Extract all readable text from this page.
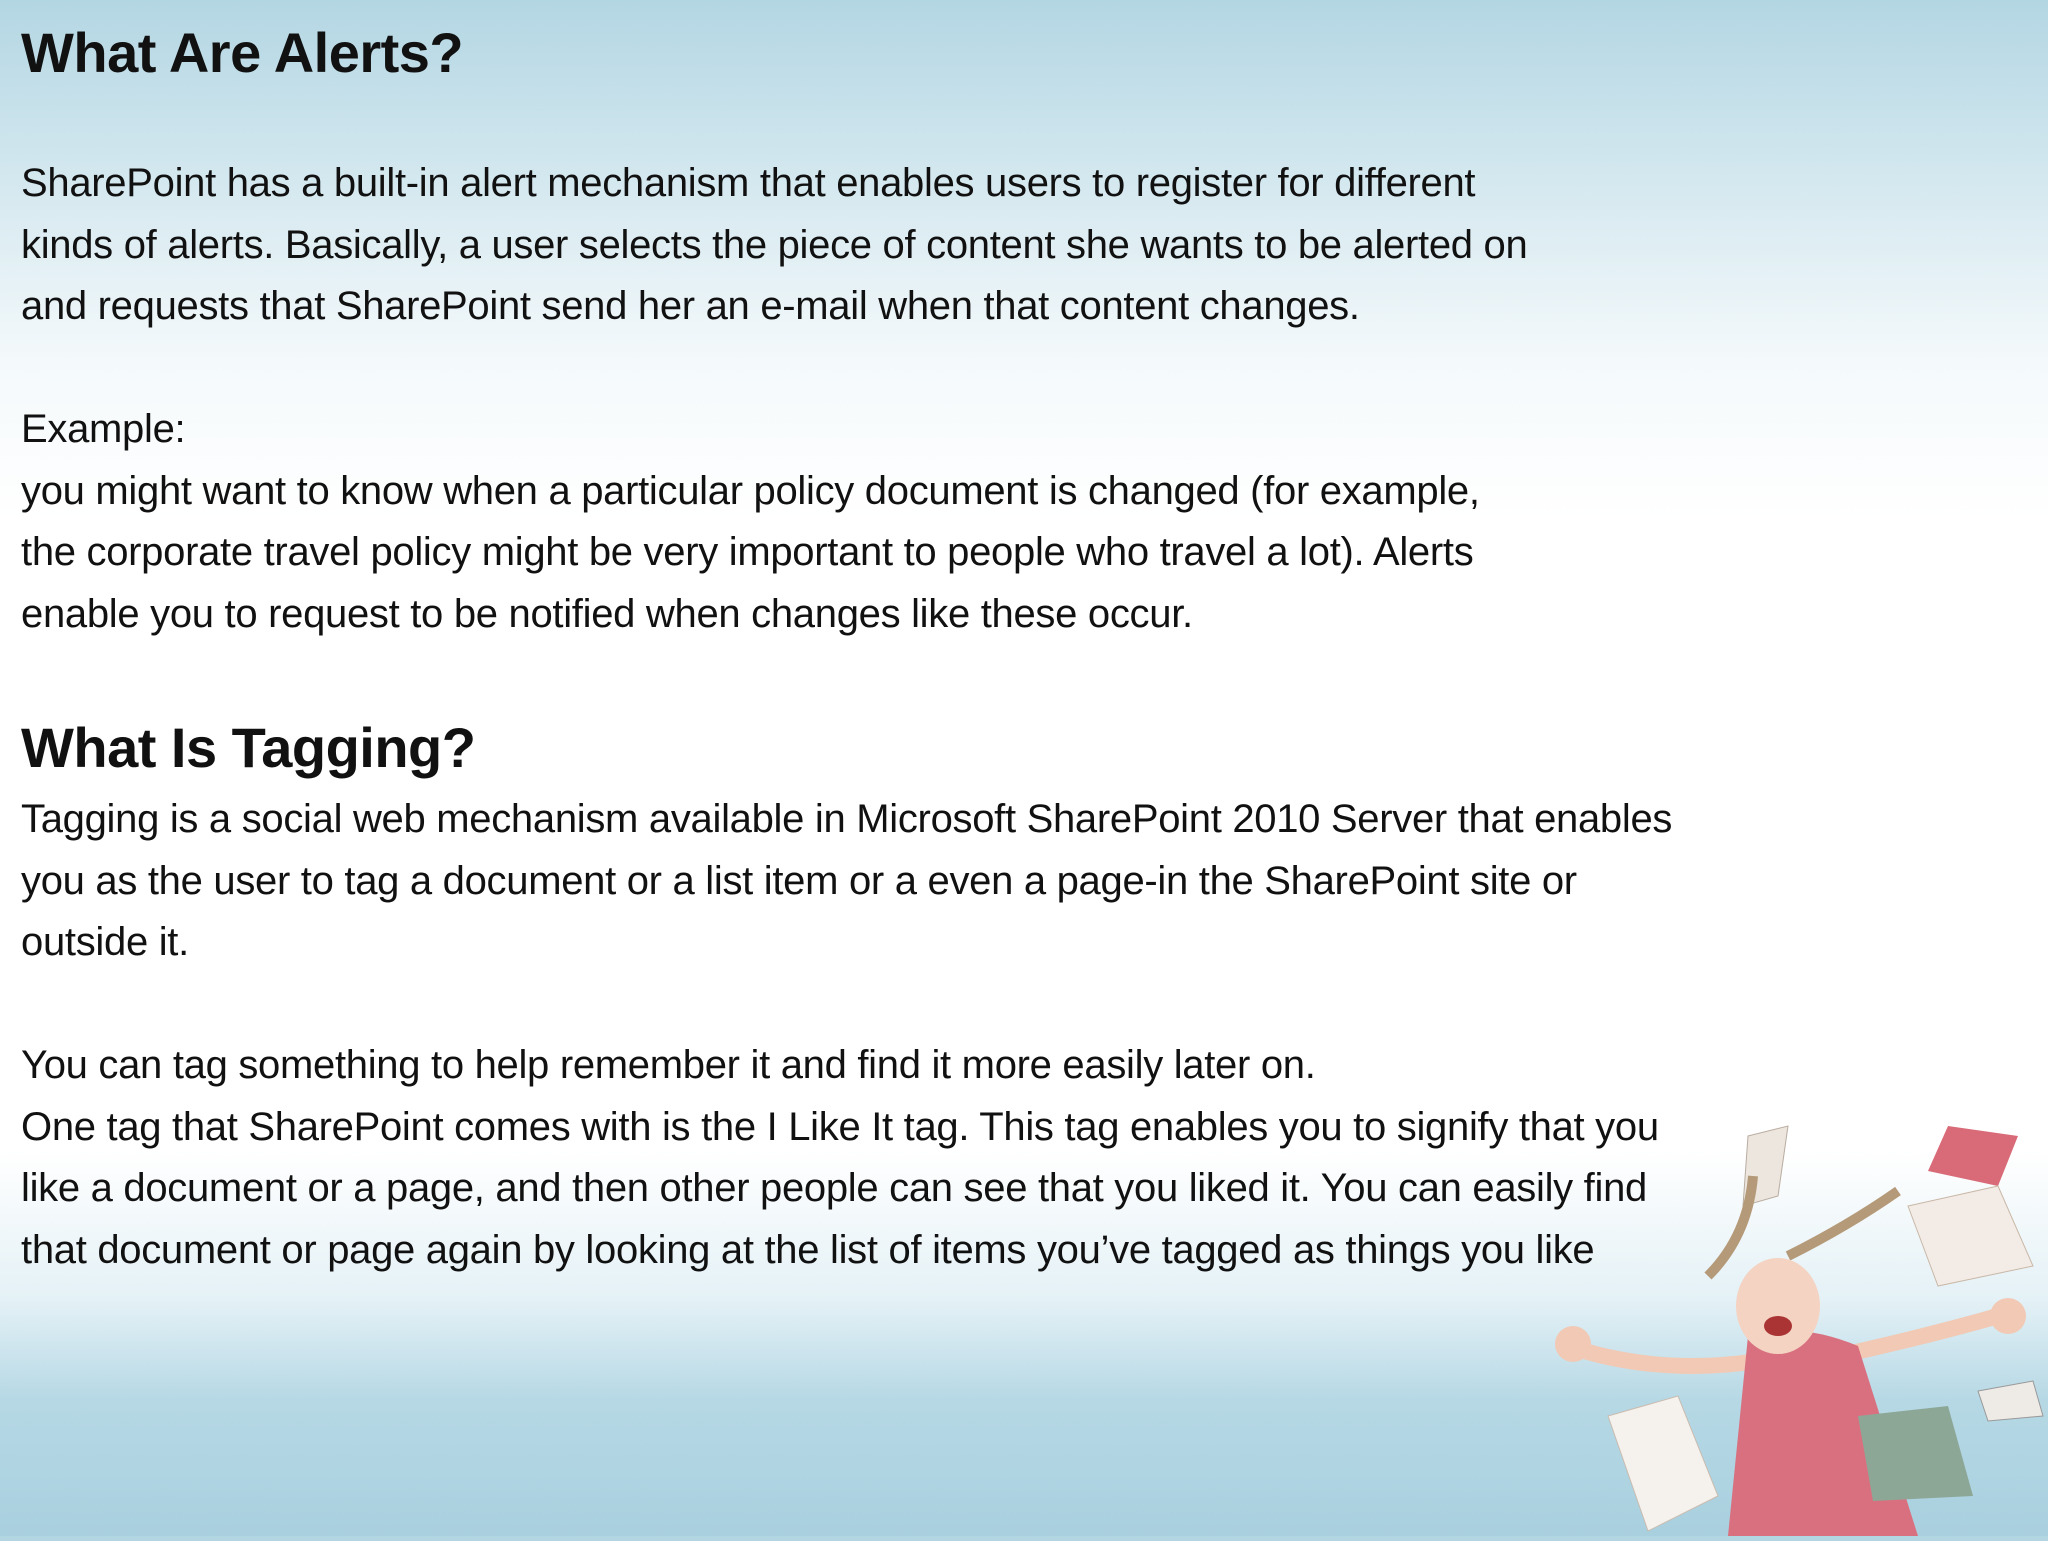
What Are Alerts?
SharePoint has a built-in alert mechanism that enables users to register for different
kinds of alerts. Basically, a user selects the piece of content she wants to be alerted on
and requests that SharePoint send her an e-mail when that content changes.
Example:
you might want to know when a particular policy document is changed (for example,
the corporate travel policy might be very important to people who travel a lot). Alerts
enable you to request to be notified when changes like these occur.
What Is Tagging?
Tagging is a social web mechanism available in Microsoft SharePoint 2010 Server that enables
you as the user to tag a document or a list item or a even a page-in the SharePoint site or
outside it.
You can tag something to help remember it and find it more easily later on.
One tag that SharePoint comes with is the I Like It tag. This tag enables you to signify that you
like a document or a page, and then other people can see that you liked it. You can easily find
that document or page again by looking at the list of items you’ve tagged as things you like
